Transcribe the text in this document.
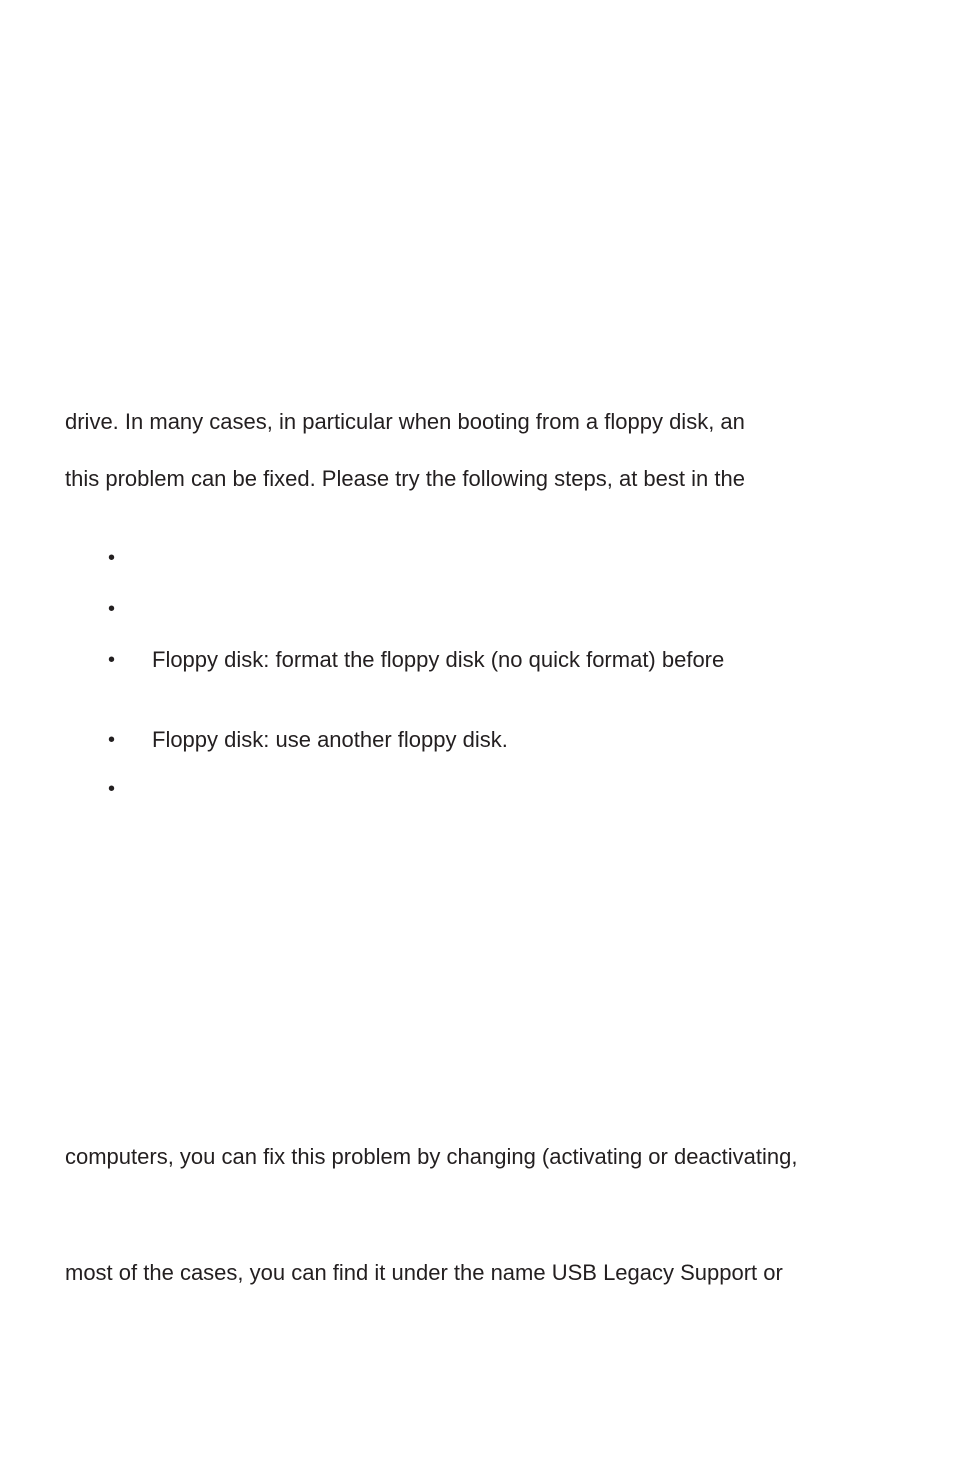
drive. In many cases, in particular when booting from a floppy disk, an
this problem can be fixed. Please try the following steps, at best in the
•
•
• Floppy disk: format the floppy disk (no quick format) before
• Floppy disk: use another floppy disk.
•
computers, you can fix this problem by changing (activating or deactivating,
most of the cases, you can find it under the name USB Legacy Support or
